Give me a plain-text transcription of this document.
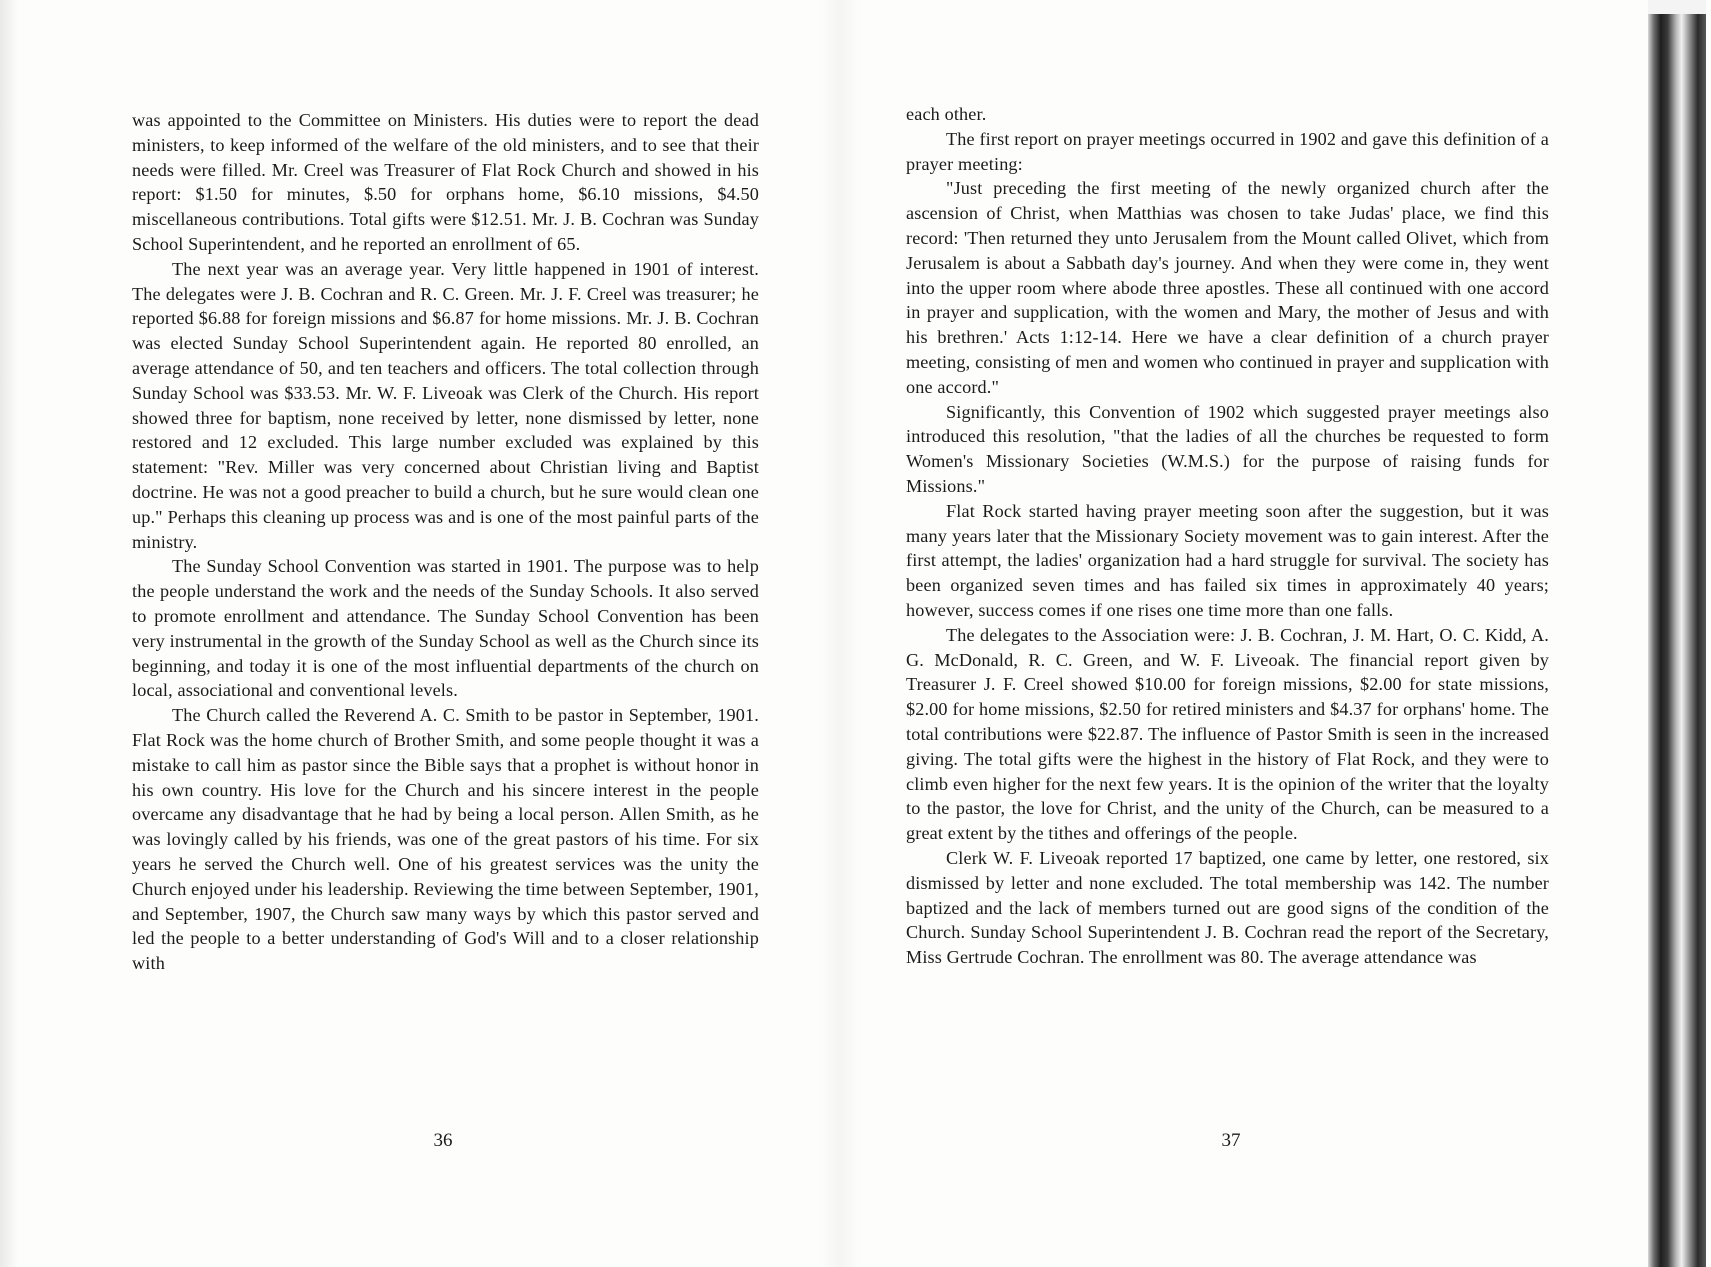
was appointed to the Committee on Ministers. His duties were to report the dead ministers, to keep informed of the welfare of the old ministers, and to see that their needs were filled. Mr. Creel was Treasurer of Flat Rock Church and showed in his report: $1.50 for minutes, $.50 for orphans home, $6.10 missions, $4.50 miscellaneous contributions. Total gifts were $12.51. Mr. J. B. Cochran was Sunday School Superintendent, and he reported an enrollment of 65.

The next year was an average year. Very little happened in 1901 of interest. The delegates were J. B. Cochran and R. C. Green. Mr. J. F. Creel was treasurer; he reported $6.88 for foreign missions and $6.87 for home missions. Mr. J. B. Cochran was elected Sunday School Superintendent again. He reported 80 enrolled, an average attendance of 50, and ten teachers and officers. The total collection through Sunday School was $33.53. Mr. W. F. Liveoak was Clerk of the Church. His report showed three for baptism, none received by letter, none dismissed by letter, none restored and 12 excluded. This large number excluded was explained by this statement: "Rev. Miller was very concerned about Christian living and Baptist doctrine. He was not a good preacher to build a church, but he sure would clean one up." Perhaps this cleaning up process was and is one of the most painful parts of the ministry.

The Sunday School Convention was started in 1901. The purpose was to help the people understand the work and the needs of the Sunday Schools. It also served to promote enrollment and attendance. The Sunday School Convention has been very instrumental in the growth of the Sunday School as well as the Church since its beginning, and today it is one of the most influential departments of the church on local, associational and conventional levels.

The Church called the Reverend A. C. Smith to be pastor in September, 1901. Flat Rock was the home church of Brother Smith, and some people thought it was a mistake to call him as pastor since the Bible says that a prophet is without honor in his own country. His love for the Church and his sincere interest in the people overcame any disadvantage that he had by being a local person. Allen Smith, as he was lovingly called by his friends, was one of the great pastors of his time. For six years he served the Church well. One of his greatest services was the unity the Church enjoyed under his leadership. Reviewing the time between September, 1901, and September, 1907, the Church saw many ways by which this pastor served and led the people to a better understanding of God's Will and to a closer relationship with

36

each other.

The first report on prayer meetings occurred in 1902 and gave this definition of a prayer meeting:

"Just preceding the first meeting of the newly organized church after the ascension of Christ, when Matthias was chosen to take Judas' place, we find this record: 'Then returned they unto Jerusalem from the Mount called Olivet, which from Jerusalem is about a Sabbath day's journey. And when they were come in, they went into the upper room where abode three apostles. These all continued with one accord in prayer and supplication, with the women and Mary, the mother of Jesus and with his brethren.' Acts 1:12-14. Here we have a clear definition of a church prayer meeting, consisting of men and women who continued in prayer and supplication with one accord."

Significantly, this Convention of 1902 which suggested prayer meetings also introduced this resolution, "that the ladies of all the churches be requested to form Women's Missionary Societies (W.M.S.) for the purpose of raising funds for Missions."

Flat Rock started having prayer meeting soon after the suggestion, but it was many years later that the Missionary Society movement was to gain interest. After the first attempt, the ladies' organization had a hard struggle for survival. The society has been organized seven times and has failed six times in approximately 40 years; however, success comes if one rises one time more than one falls.

The delegates to the Association were: J. B. Cochran, J. M. Hart, O. C. Kidd, A. G. McDonald, R. C. Green, and W. F. Liveoak. The financial report given by Treasurer J. F. Creel showed $10.00 for foreign missions, $2.00 for state missions, $2.00 for home missions, $2.50 for retired ministers and $4.37 for orphans' home. The total contributions were $22.87. The influence of Pastor Smith is seen in the increased giving. The total gifts were the highest in the history of Flat Rock, and they were to climb even higher for the next few years. It is the opinion of the writer that the loyalty to the pastor, the love for Christ, and the unity of the Church, can be measured to a great extent by the tithes and offerings of the people.

Clerk W. F. Liveoak reported 17 baptized, one came by letter, one restored, six dismissed by letter and none excluded. The total membership was 142. The number baptized and the lack of members turned out are good signs of the condition of the Church. Sunday School Superintendent J. B. Cochran read the report of the Secretary, Miss Gertrude Cochran. The enrollment was 80. The average attendance was

37
